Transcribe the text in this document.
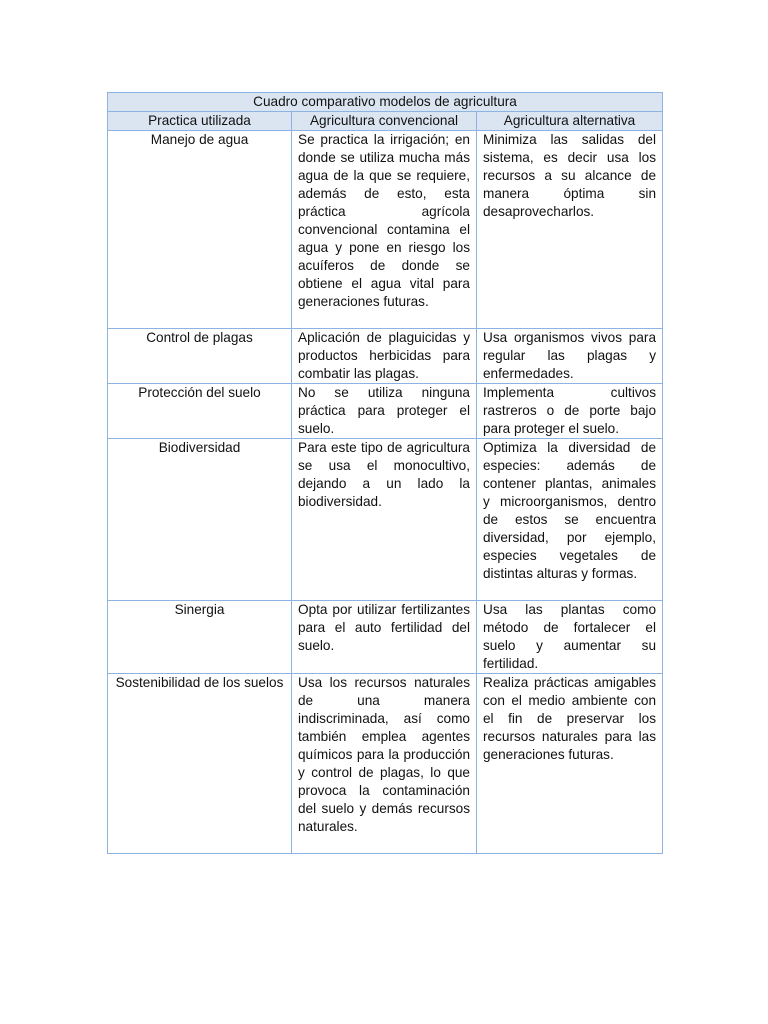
Cuadro comparativo modelos de agricultura		
Practica utilizada	Agricultura convencional	Agricultura alternativa
Manejo de agua	Se practica la irrigación; en donde se utiliza mucha más agua de la que se requiere, además de esto, esta práctica agrícola convencional contamina el agua y pone en riesgo los acuíferos de donde se obtiene el agua vital para generaciones futuras.	Minimiza las salidas del sistema, es decir usa los recursos a su alcance de manera óptima sin desaprovecharlos.
Control de plagas	Aplicación de plaguicidas y productos herbicidas para combatir las plagas.	Usa organismos vivos para regular las plagas y enfermedades.
Protección del suelo	No se utiliza ninguna práctica para proteger el suelo.	Implementa cultivos rastreros o de porte bajo para proteger el suelo.
Biodiversidad	Para este tipo de agricultura se usa el monocultivo, dejando a un lado la biodiversidad.	Optimiza la diversidad de especies: además de contener plantas, animales y microorganismos, dentro de estos se encuentra diversidad, por ejemplo, especies vegetales de distintas alturas y formas.
Sinergia	Opta por utilizar fertilizantes para el auto fertilidad del suelo.	Usa las plantas como método de fortalecer el suelo y aumentar su fertilidad.
Sostenibilidad de los suelos	Usa los recursos naturales de una manera indiscriminada, así como también emplea agentes químicos para la producción y control de plagas, lo que provoca la contaminación del suelo y demás recursos naturales.	Realiza prácticas amigables con el medio ambiente con el fin de preservar los recursos naturales para las generaciones futuras.
